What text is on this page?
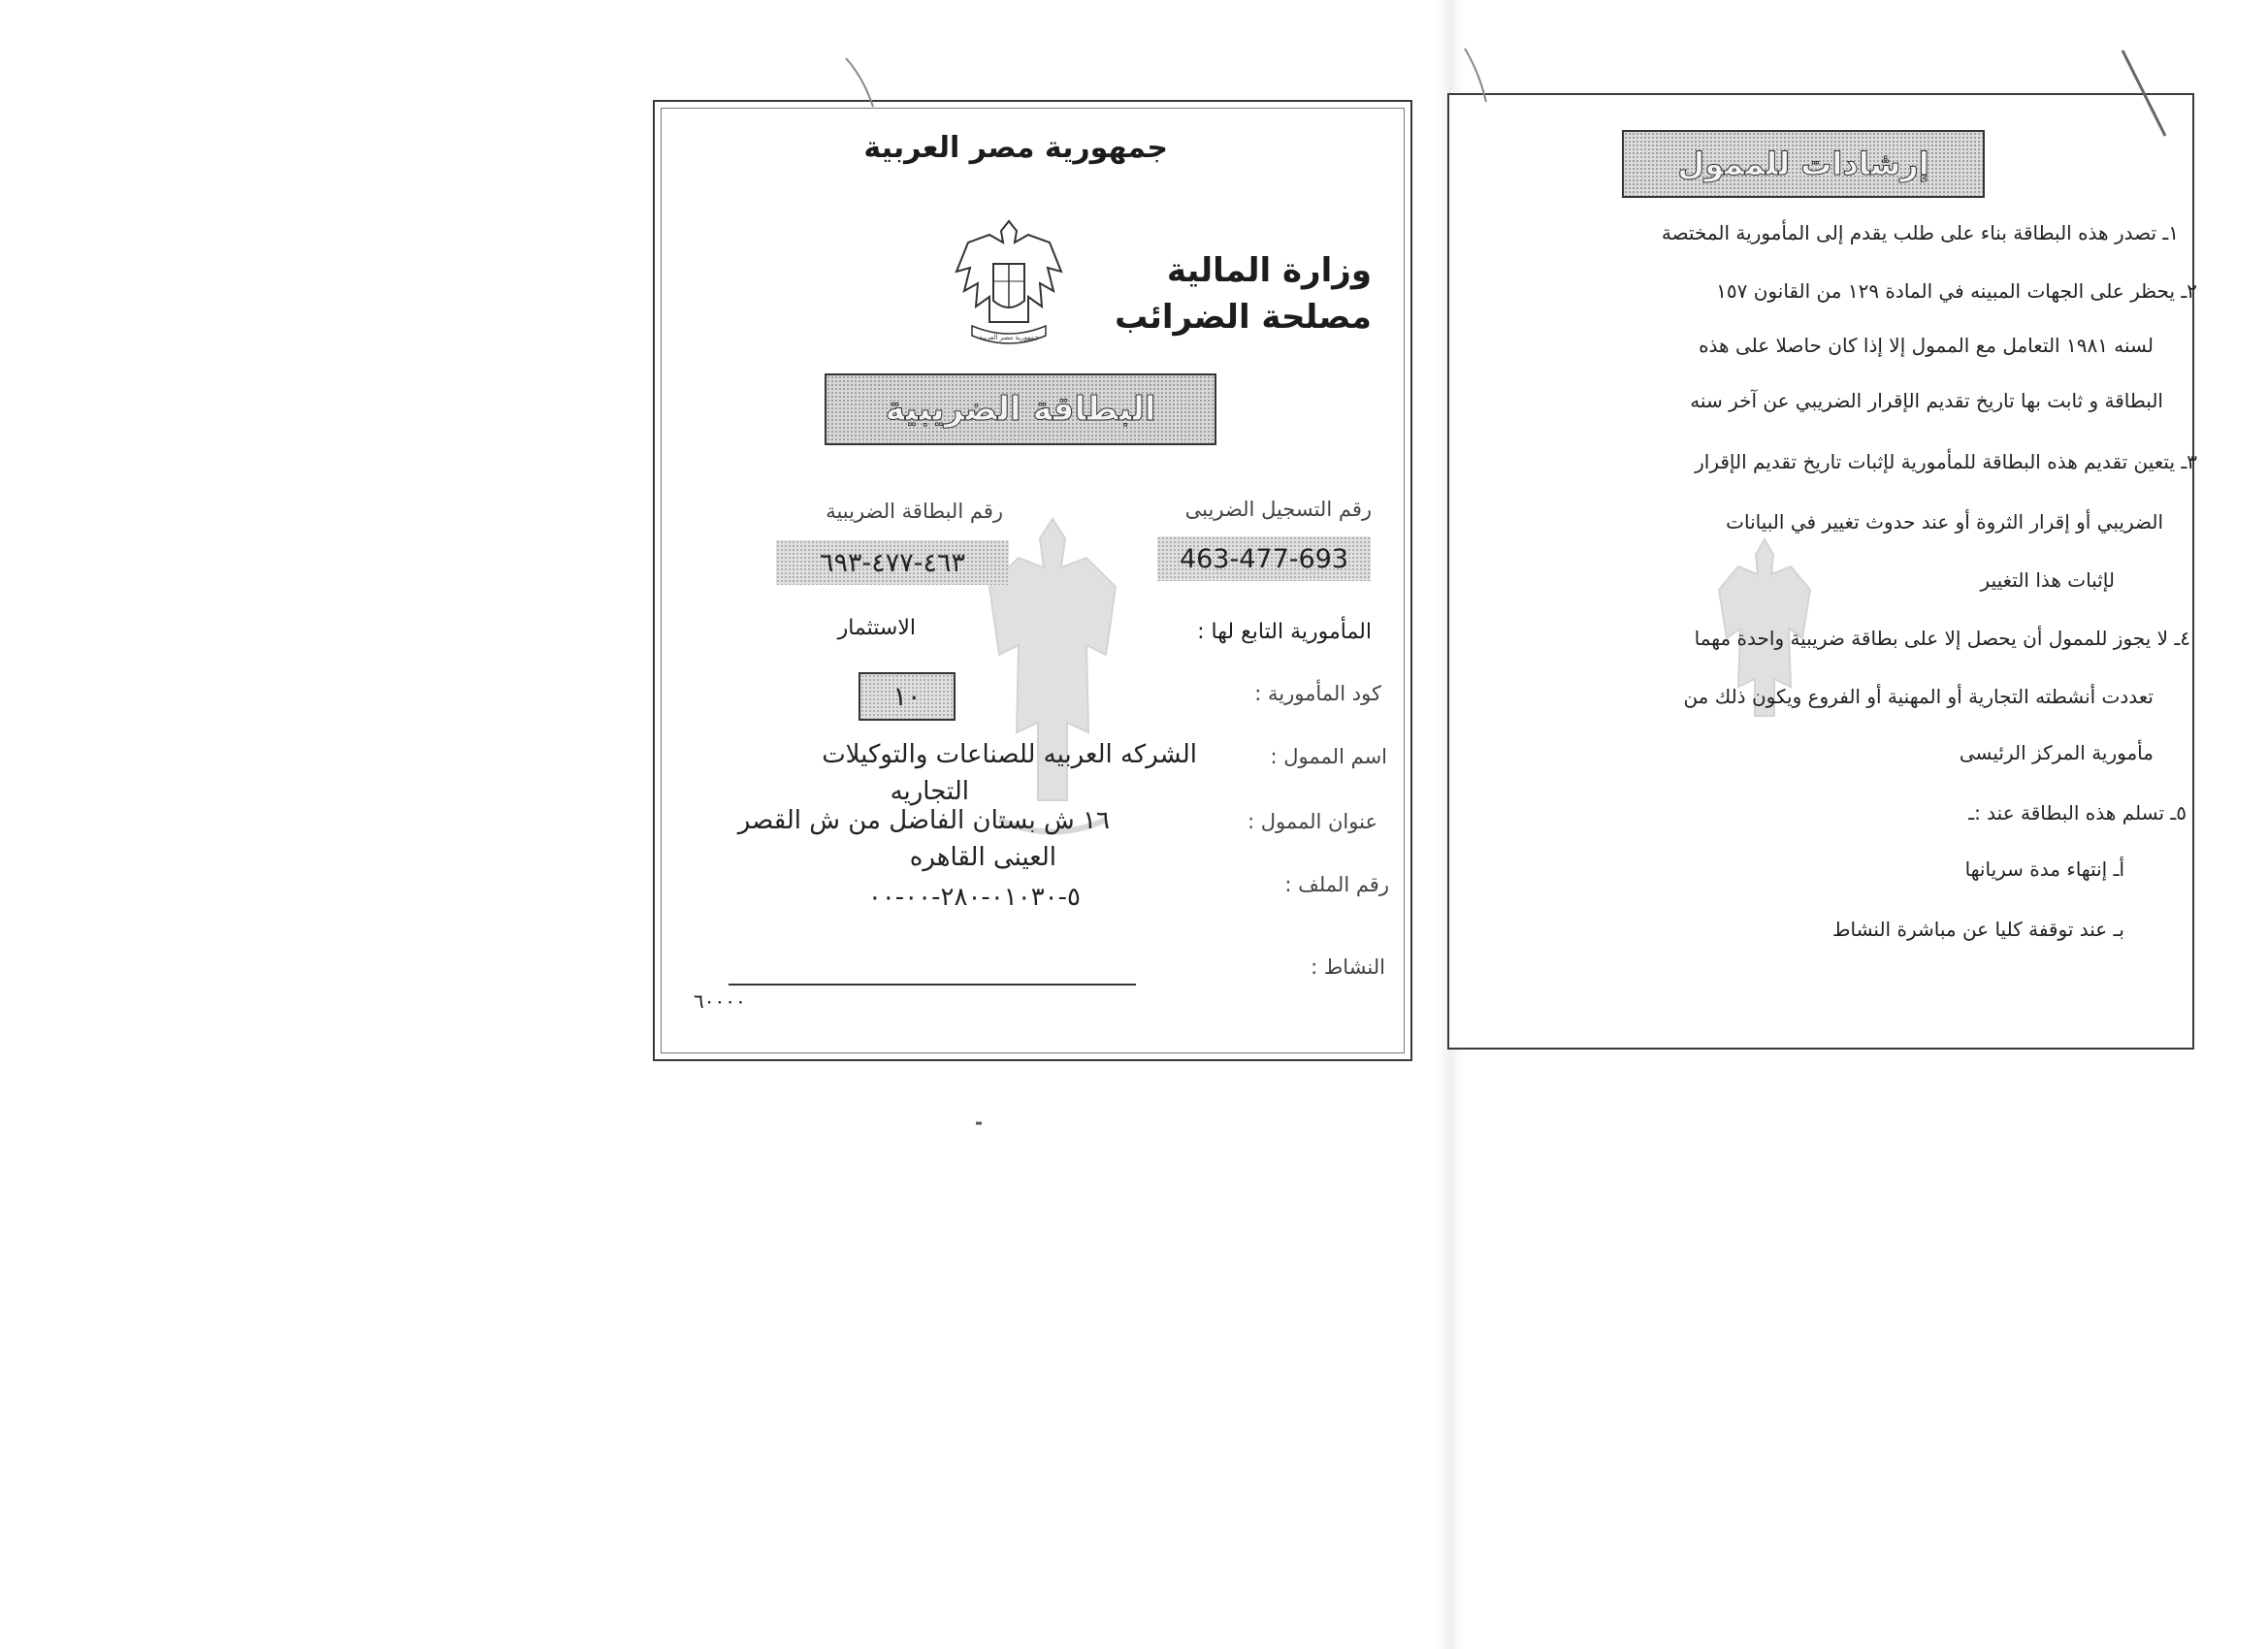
جمهورية مصر العربية
جمهورية مصر العربية
وزارة المالية
مصلحة الضرائب
البطاقة الضريبية
رقم التسجيل الضريبى
رقم البطاقة الضريبية
463-477-693
٤٦٣-٤٧٧-٦٩٣
المأمورية التابع لها :
الاستثمار
١٠	كود المأمورية :
اسم الممول :
الشركه العربيه للصناعات والتوكيلات
التجاريه
عنوان الممول :
١٦ ش بستان الفاضل من ش القصر
العينى القاهره
رقم الملف :
٥-٠١٠٣٠-٢٨٠-٠٠-٠٠
النشاط :
٦٠٠٠٠
إرشادات للممول
١ـ تصدر هذه البطاقة بناء على طلب يقدم إلى المأمورية المختصة
٢ـ يحظر على الجهات المبينه في المادة ١٢٩ من القانون ١٥٧
لسنه ١٩٨١ التعامل مع الممول إلا إذا كان حاصلا على هذه
البطاقة و ثابت بها تاريخ تقديم الإقرار الضريبي عن آخر سنه
٣ـ يتعين تقديم هذه البطاقة للمأمورية لإثبات تاريخ تقديم الإقرار
الضريبي أو إقرار الثروة أو عند حدوث تغيير في البيانات
لإثبات هذا التغيير
٤ـ لا يجوز للممول أن يحصل إلا على بطاقة ضريبية واحدة مهما
تعددت أنشطته التجارية أو المهنية أو الفروع ويكون ذلك من
مأمورية المركز الرئيسى
٥ـ تسلم هذه البطاقة عند :ـ
أـ إنتهاء مدة سريانها
بـ عند توقفة كليا عن مباشرة النشاط
